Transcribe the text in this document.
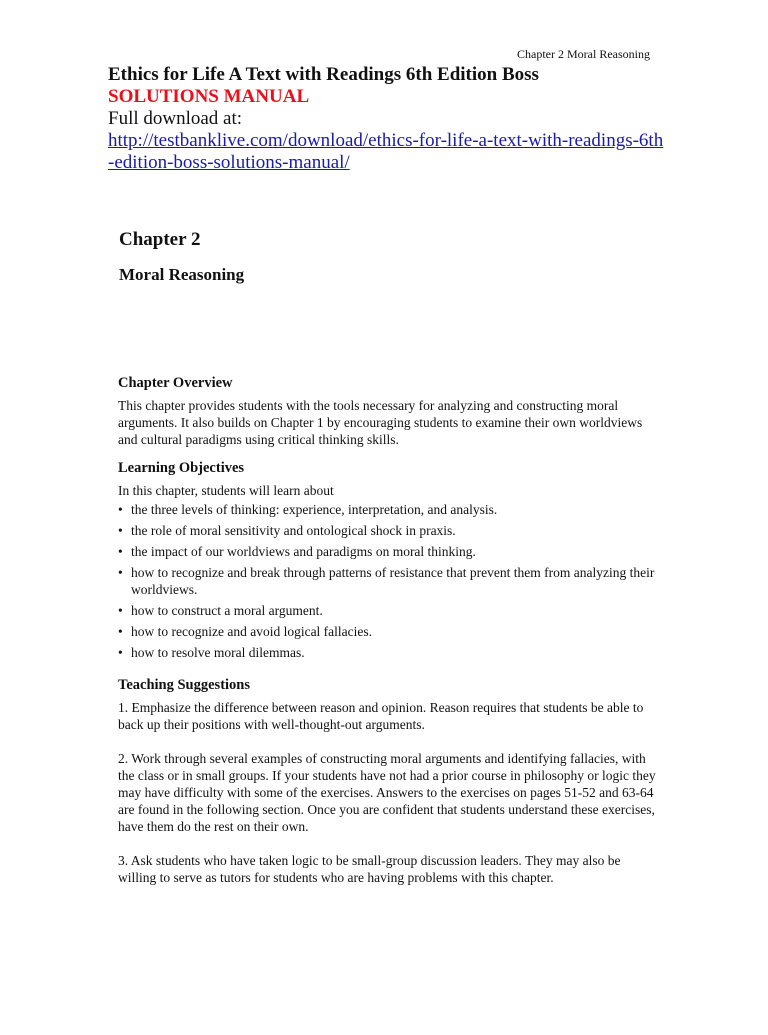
Chapter 2 Moral Reasoning
Ethics for Life A Text with Readings 6th Edition Boss
SOLUTIONS MANUAL
Full download at:
http://testbanklive.com/download/ethics-for-life-a-text-with-readings-6th-edition-boss-solutions-manual/
Chapter 2
Moral Reasoning
Chapter Overview

This chapter provides students with the tools necessary for analyzing and constructing moral arguments. It also builds on Chapter 1 by encouraging students to examine their own worldviews and cultural paradigms using critical thinking skills.

Learning Objectives

In this chapter, students will learn about

• the three levels of thinking: experience, interpretation, and analysis.
• the role of moral sensitivity and ontological shock in praxis.
• the impact of our worldviews and paradigms on moral thinking.
• how to recognize and break through patterns of resistance that prevent them from analyzing their worldviews.
• how to construct a moral argument.
• how to recognize and avoid logical fallacies.
• how to resolve moral dilemmas.
Teaching Suggestions

1. Emphasize the difference between reason and opinion. Reason requires that students be able to back up their positions with well-thought-out arguments.

2. Work through several examples of constructing moral arguments and identifying fallacies, with the class or in small groups. If your students have not had a prior course in philosophy or logic they may have difficulty with some of the exercises. Answers to the exercises on pages 51-52 and 63-64 are found in the following section. Once you are confident that students understand these exercises, have them do the rest on their own.

3. Ask students who have taken logic to be small-group discussion leaders. They may also be willing to serve as tutors for students who are having problems with this chapter.
